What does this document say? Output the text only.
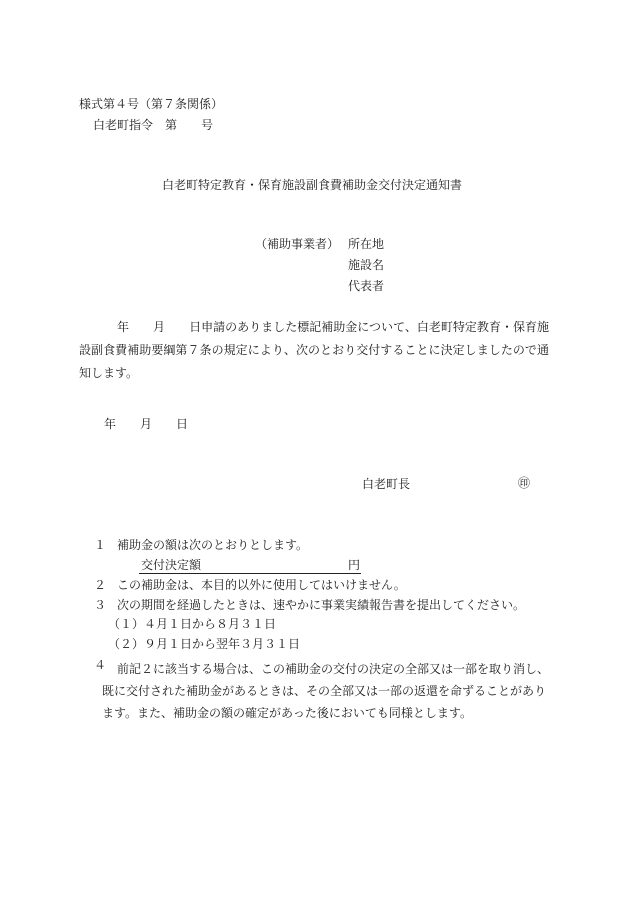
様式第４号（第７条関係）
白老町指令　第　　号
白老町特定教育・保育施設副食費補助金交付決定通知書
（補助事業者） 所在地
施設名
代表者
年　　月　　日申請のありました標記補助金について、白老町特定教育・保育施設副食費補助要綱第７条の規定により、次のとおり交付することに決定しましたので通知します。
年　　月　　日
白老町長	㊞
１ 補助金の額は次のとおりとします。
交付決定額	円
２ この補助金は、本目的以外に使用してはいけません。
３ 次の期間を経過したときは、速やかに事業実績報告書を提出してください。
（１）４月１日から８月３１日
（２）９月１日から翌年３月３１日
４ 前記２に該当する場合は、この補助金の交付の決定の全部又は一部を取り消し、既に交付された補助金があるときは、その全部又は一部の返還を命ずることがあります。また、補助金の額の確定があった後においても同様とします。
